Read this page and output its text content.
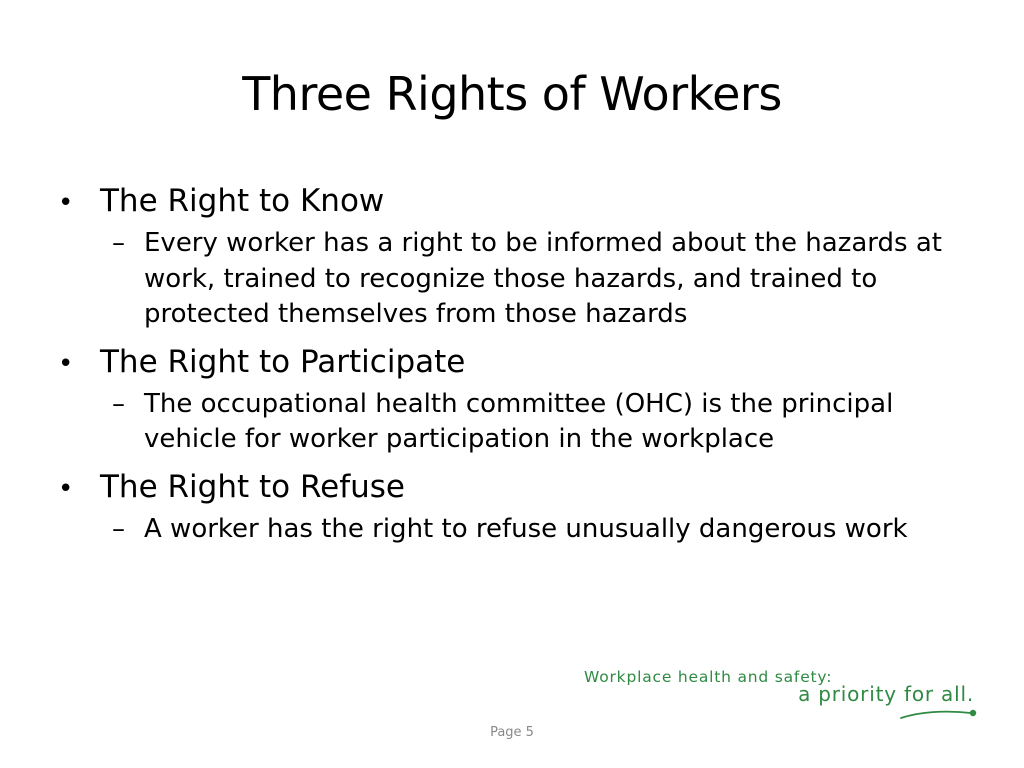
Three Rights of Workers
• The Right to Know
– Every worker has a right to be informed about the hazards at work, trained to recognize those hazards, and trained to protected themselves from those hazards
• The Right to Participate
– The occupational health committee (OHC) is the principal vehicle for worker participation in the workplace
• The Right to Refuse
– A worker has the right to refuse unusually dangerous work
Workplace health and safety:
a priority for all.
Page 5
